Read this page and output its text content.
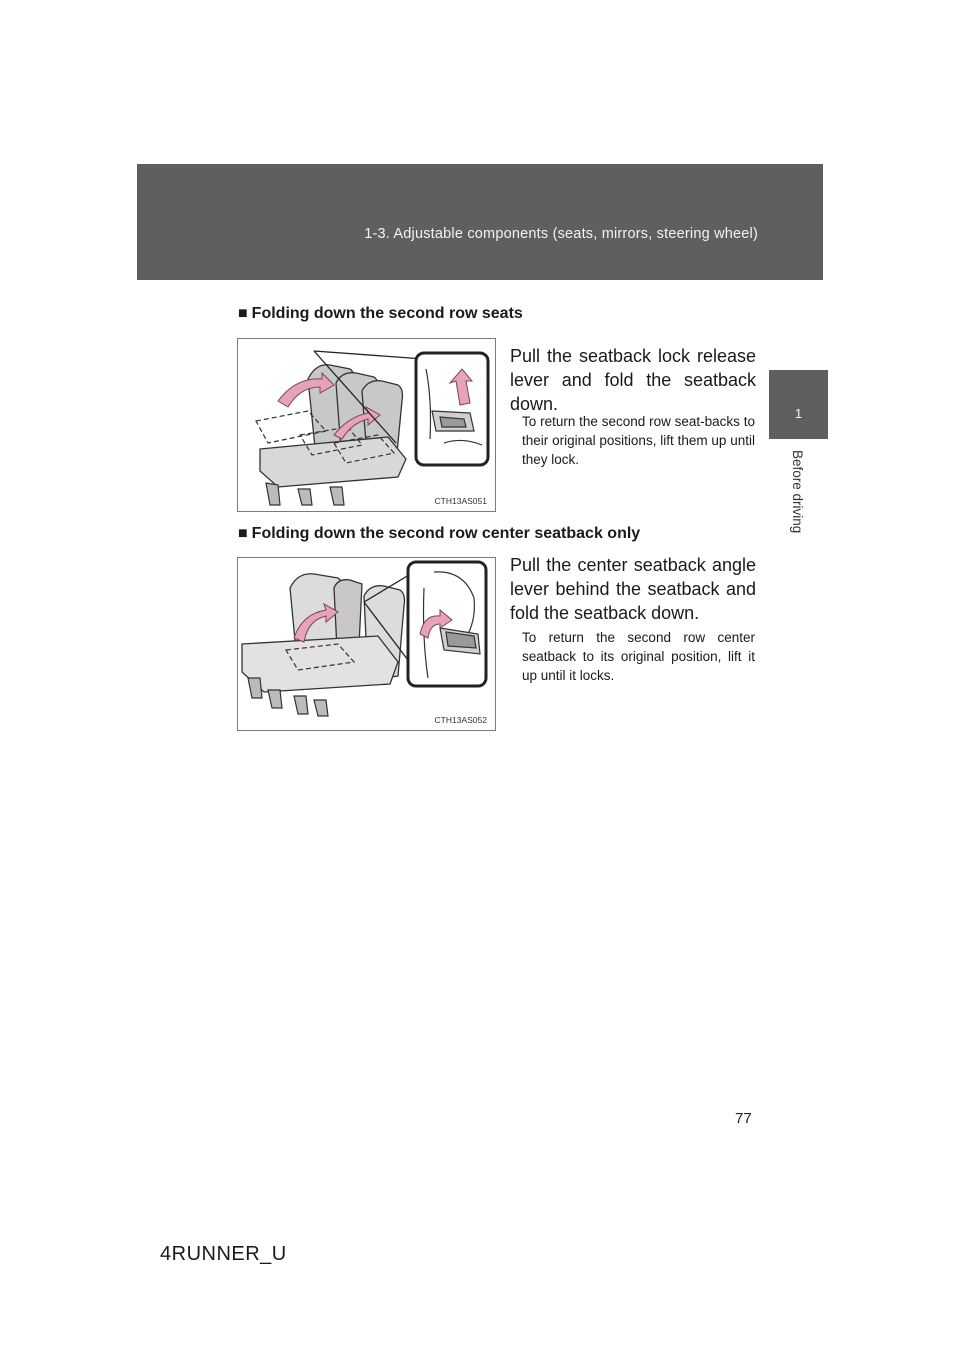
1-3. Adjustable components (seats, mirrors, steering wheel)
1
Before driving
■ Folding down the second row seats
CTH13AS051
Pull the seatback lock release lever and fold the seatback down.
To return the second row seat-backs to their original positions, lift them up until they lock.
■ Folding down the second row center seatback only
CTH13AS052
Pull the center seatback angle lever behind the seatback and fold the seatback down.
To return the second row center seatback to its original position, lift it up until it locks.
77
4RUNNER_U
